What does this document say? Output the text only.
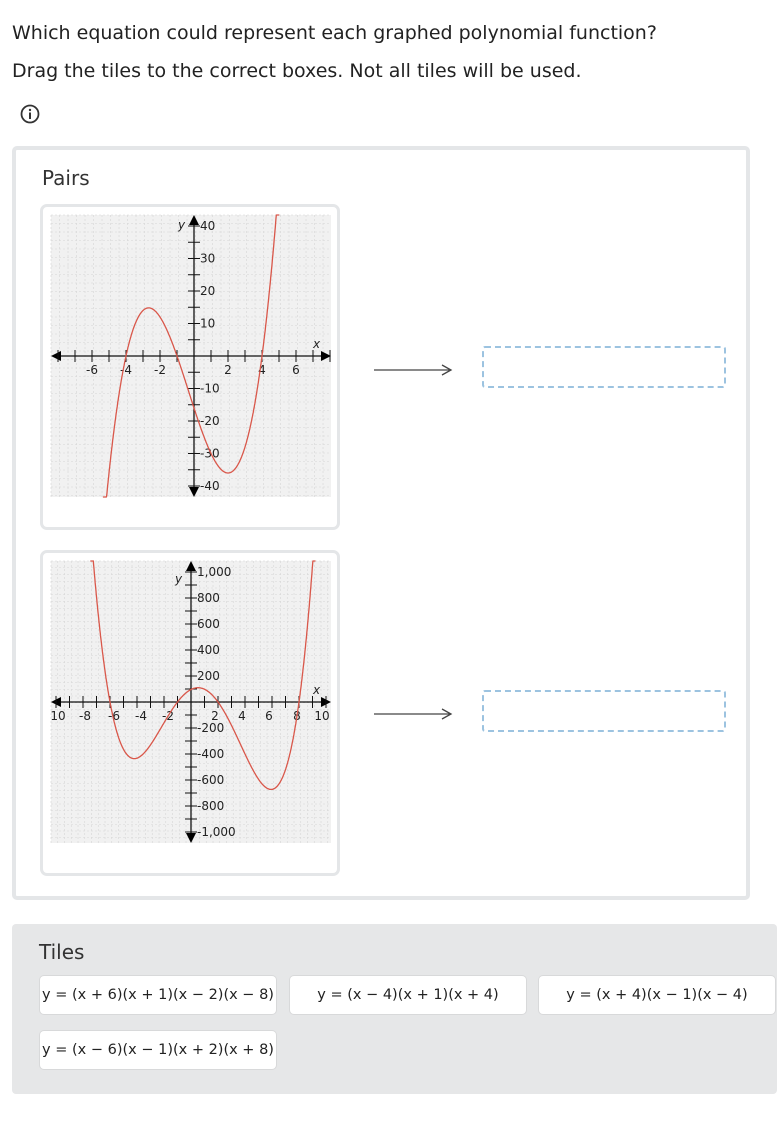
Which equation could represent each graphed polynomial function?
Drag the tiles to the correct boxes. Not all tiles will be used.
Pairs
-6 -4 -2	2 4 6
40
30
20
10
-10
-20
-30
-40
x
y
10 -8 -6 -4 -2	2 4 6 8 10
1,000
800
600
400
200
-200
-400
-600
-800
-1,000
x
y
Tiles
y = (x + 6)(x + 1)(x − 2)(x − 8)	y = (x − 4)(x + 1)(x + 4)	y = (x + 4)(x − 1)(x − 4)
y = (x − 6)(x − 1)(x + 2)(x + 8)
